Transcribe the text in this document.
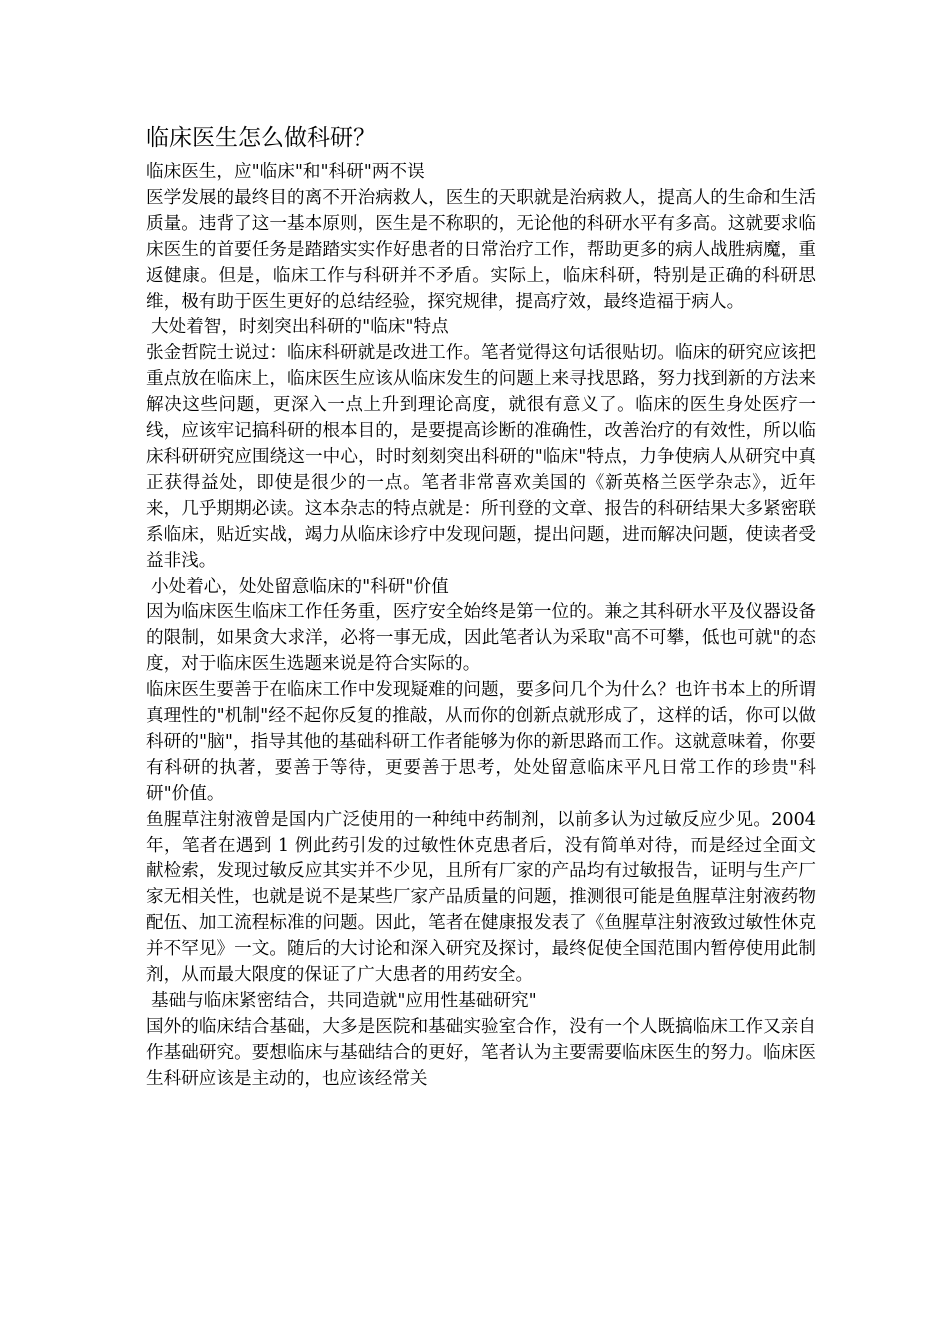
临床医生怎么做科研？
临床医生，应"临床"和"科研"两不误

医学发展的最终目的离不开治病救人，医生的天职就是治病救人，提高人的生命和生活质量。违背了这一基本原则，医生是不称职的，无论他的科研水平有多高。这就要求临床医生的首要任务是踏踏实实作好患者的日常治疗工作，帮助更多的病人战胜病魔，重返健康。但是，临床工作与科研并不矛盾。实际上，临床科研，特别是正确的科研思维，极有助于医生更好的总结经验，探究规律，提高疗效，最终造福于病人。

大处着智，时刻突出科研的"临床"特点

张金哲院士说过：临床科研就是改进工作。笔者觉得这句话很贴切。临床的研究应该把重点放在临床上，临床医生应该从临床发生的问题上来寻找思路，努力找到新的方法来解决这些问题，更深入一点上升到理论高度，就很有意义了。临床的医生身处医疗一线，应该牢记搞科研的根本目的，是要提高诊断的准确性，改善治疗的有效性，所以临床科研研究应围绕这一中心，时时刻刻突出科研的"临床"特点，力争使病人从研究中真正获得益处，即使是很少的一点。笔者非常喜欢美国的《新英格兰医学杂志》，近年来，几乎期期必读。这本杂志的特点就是：所刊登的文章、报告的科研结果大多紧密联系临床，贴近实战，竭力从临床诊疗中发现问题，提出问题，进而解决问题，使读者受益非浅。

小处着心，处处留意临床的"科研"价值

因为临床医生临床工作任务重，医疗安全始终是第一位的。兼之其科研水平及仪器设备的限制，如果贪大求洋，必将一事无成，因此笔者认为采取"高不可攀，低也可就"的态度，对于临床医生选题来说是符合实际的。

临床医生要善于在临床工作中发现疑难的问题，要多问几个为什么？也许书本上的所谓真理性的"机制"经不起你反复的推敲，从而你的创新点就形成了，这样的话，你可以做科研的"脑"，指导其他的基础科研工作者能够为你的新思路而工作。这就意味着，你要有科研的执著，要善于等待，更要善于思考，处处留意临床平凡日常工作的珍贵"科研"价值。

鱼腥草注射液曾是国内广泛使用的一种纯中药制剂，以前多认为过敏反应少见。2004 年，笔者在遇到 1 例此药引发的过敏性休克患者后，没有简单对待，而是经过全面文献检索，发现过敏反应其实并不少见，且所有厂家的产品均有过敏报告，证明与生产厂家无相关性，也就是说不是某些厂家产品质量的问题，推测很可能是鱼腥草注射液药物配伍、加工流程标准的问题。因此，笔者在健康报发表了《鱼腥草注射液致过敏性休克并不罕见》一文。随后的大讨论和深入研究及探讨，最终促使全国范围内暂停使用此制剂，从而最大限度的保证了广大患者的用药安全。

基础与临床紧密结合，共同造就"应用性基础研究"

国外的临床结合基础，大多是医院和基础实验室合作，没有一个人既搞临床工作又亲自作基础研究。要想临床与基础结合的更好，笔者认为主要需要临床医生的努力。临床医生科研应该是主动的，也应该经常关
